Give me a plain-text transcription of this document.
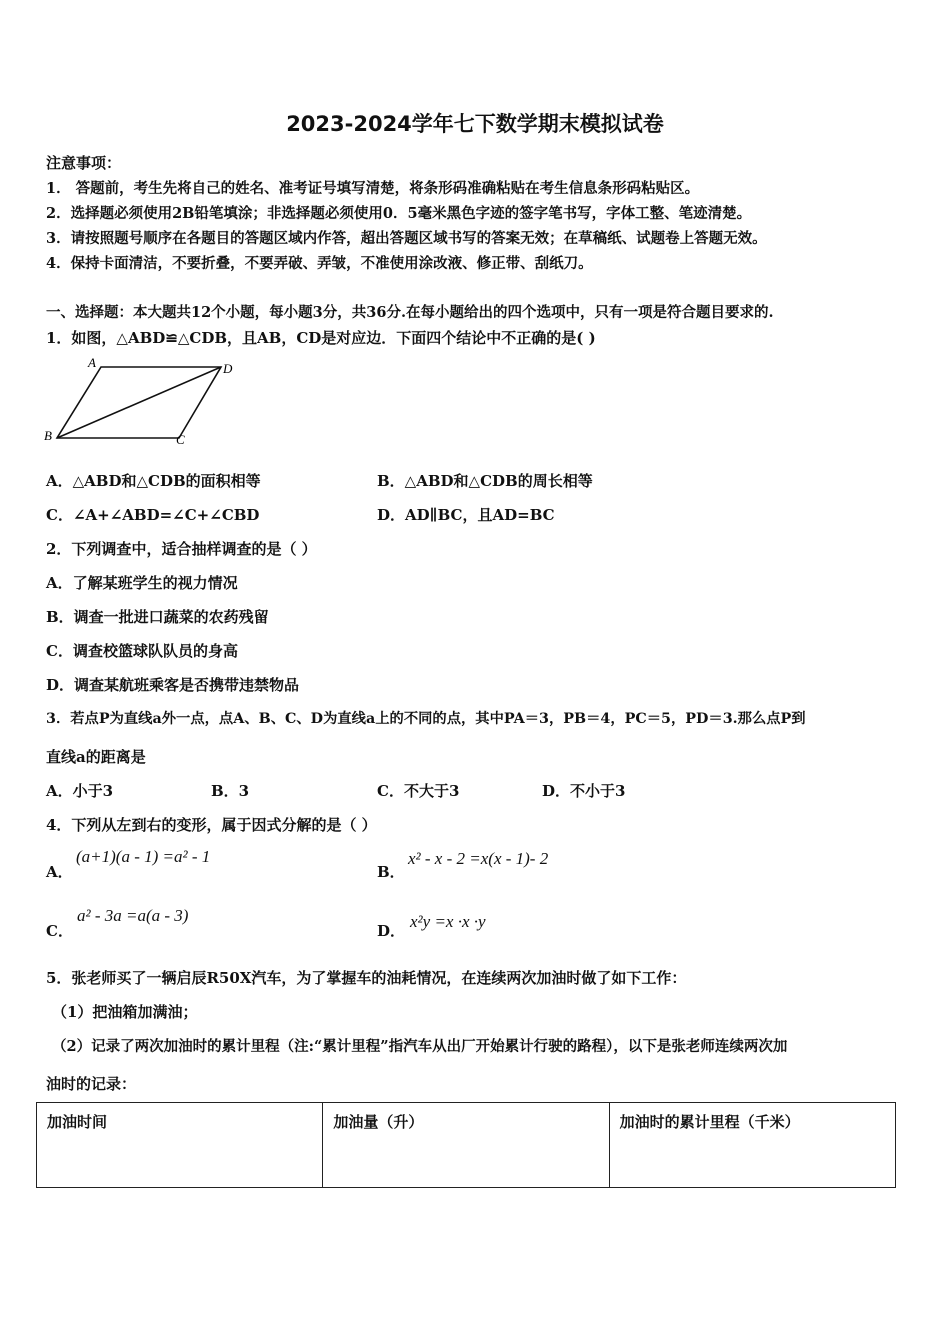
2023-2024学年七下数学期末模拟试卷
注意事项：
1． 答题前，考生先将自己的姓名、准考证号填写清楚，将条形码准确粘贴在考生信息条形码粘贴区。
2．选择题必须使用2B铅笔填涂；非选择题必须使用0．5毫米黑色字迹的签字笔书写，字体工整、笔迹清楚。
3．请按照题号顺序在各题目的答题区域内作答，超出答题区域书写的答案无效；在草稿纸、试题卷上答题无效。
4．保持卡面清洁，不要折叠，不要弄破、弄皱，不准使用涂改液、修正带、刮纸刀。
一、选择题：本大题共12个小题，每小题3分，共36分.在每小题给出的四个选项中，只有一项是符合题目要求的.
1．如图，△ABD≌△CDB，且AB，CD是对应边．下面四个结论中不正确的是( )
A	D
B	C
A．△ABD和△CDB的面积相等	B．△ABD和△CDB的周长相等
C．∠A+∠ABD=∠C+∠CBD	D．AD∥BC，且AD=BC
2．下列调查中，适合抽样调查的是（ ）
A．了解某班学生的视力情况
B．调查一批进口蔬菜的农药残留
C．调查校篮球队队员的身高
D．调查某航班乘客是否携带违禁物品
3．若点P为直线a外一点，点A、B、C、D为直线a上的不同的点，其中PA＝3，PB＝4，PC＝5，PD＝3.那么点P到
直线a的距离是
A．小于3	B．3	C．不大于3	D．不小于3
4．下列从左到右的变形，属于因式分解的是（ ）
A．
(a+1)(a - 1) =a² - 1
B．
x² - x - 2 =x(x - 1)- 2
C．
a² - 3a =a(a - 3)
D． x²y =x ·x ·y
5．张老师买了一辆启辰R50X汽车，为了掌握车的油耗情况，在连续两次加油时做了如下工作：
（1）把油箱加满油；
（2）记录了两次加油时的累计里程（注:“累计里程”指汽车从出厂开始累计行驶的路程），以下是张老师连续两次加
油时的记录：
加油时间	加油量（升）	加油时的累计里程（千米）
